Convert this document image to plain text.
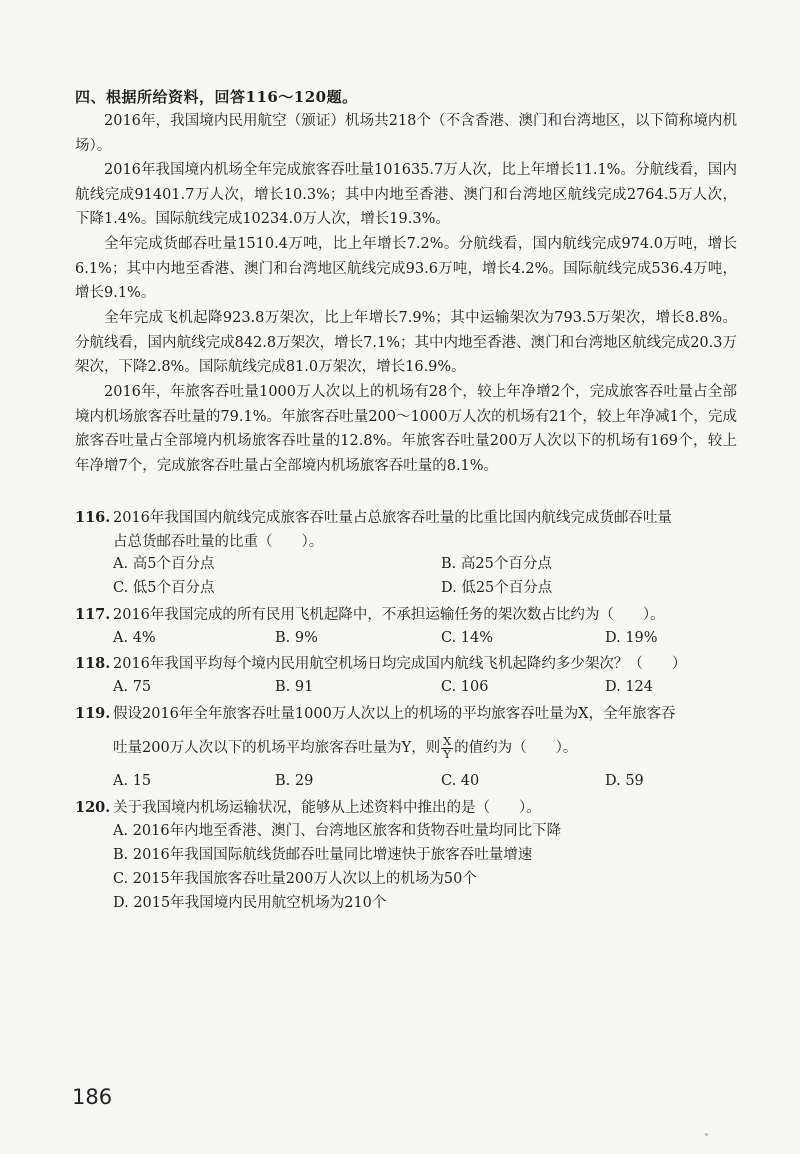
四、根据所给资料，回答116～120题。

2016年，我国境内民用航空（颁证）机场共218个（不含香港、澳门和台湾地区，以下简称境内机场）。

2016年我国境内机场全年完成旅客吞吐量101635.7万人次，比上年增长11.1%。分航线看，国内航线完成91401.7万人次，增长10.3%；其中内地至香港、澳门和台湾地区航线完成2764.5万人次，下降1.4%。国际航线完成10234.0万人次，增长19.3%。

全年完成货邮吞吐量1510.4万吨，比上年增长7.2%。分航线看，国内航线完成974.0万吨，增长6.1%；其中内地至香港、澳门和台湾地区航线完成93.6万吨，增长4.2%。国际航线完成536.4万吨，增长9.1%。

全年完成飞机起降923.8万架次，比上年增长7.9%；其中运输架次为793.5万架次，增长8.8%。分航线看，国内航线完成842.8万架次，增长7.1%；其中内地至香港、澳门和台湾地区航线完成20.3万架次，下降2.8%。国际航线完成81.0万架次，增长16.9%。

2016年，年旅客吞吐量1000万人次以上的机场有28个，较上年净增2个，完成旅客吞吐量占全部境内机场旅客吞吐量的79.1%。年旅客吞吐量200～1000万人次的机场有21个，较上年净减1个，完成旅客吞吐量占全部境内机场旅客吞吐量的12.8%。年旅客吞吐量200万人次以下的机场有169个，较上年净增7个，完成旅客吞吐量占全部境内机场旅客吞吐量的8.1%。

116. 2016年我国国内航线完成旅客吞吐量占总旅客吞吐量的比重比国内航线完成货邮吞吐量
占总货邮吞吐量的比重（　　）。
A. 高5个百分点	B. 高25个百分点
C. 低5个百分点	D. 低25个百分点
117. 2016年我国完成的所有民用飞机起降中，不承担运输任务的架次数占比约为（　　）。
A. 4%	B. 9%	C. 14%	D. 19%
118. 2016年我国平均每个境内民用航空机场日均完成国内航线飞机起降约多少架次？（　　）
A. 75	B. 91	C. 106	D. 124
119. 假设2016年全年旅客吞吐量1000万人次以上的机场的平均旅客吞吐量为X，全年旅客吞
吐量200万人次以下的机场平均旅客吞吐量为Y，则 $\frac{X}{Y}$ 的值约为（　　）。
A. 15	B. 29	C. 40	D. 59
120. 关于我国境内机场运输状况，能够从上述资料中推出的是（　　）。
A. 2016年内地至香港、澳门、台湾地区旅客和货物吞吐量均同比下降
B. 2016年我国国际航线货邮吞吐量同比增速快于旅客吞吐量增速
C. 2015年我国旅客吞吐量200万人次以上的机场为50个
D. 2015年我国境内民用航空机场为210个
186
